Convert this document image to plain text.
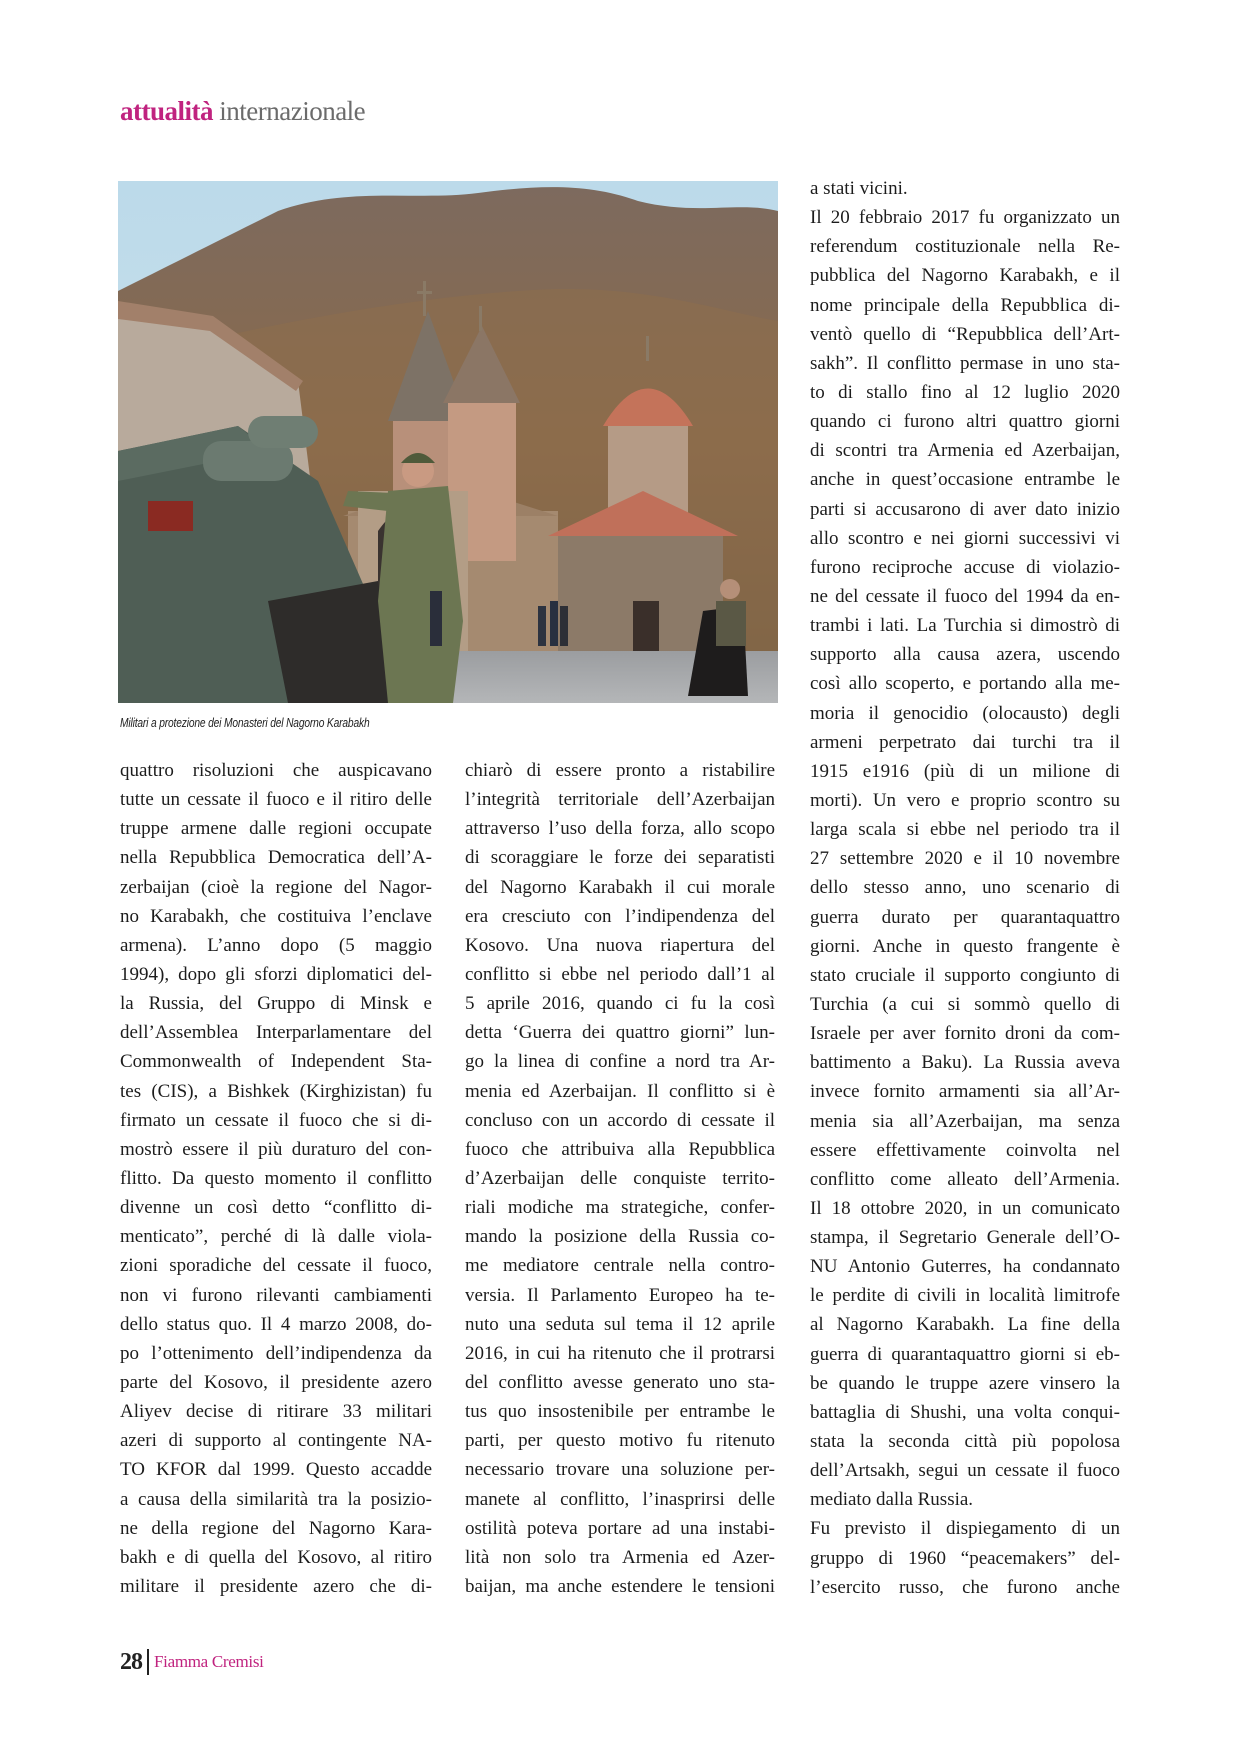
attualità internazionale
Militari a protezione dei Monasteri del Nagorno Karabakh
quattro risoluzioni che auspicavano
tutte un cessate il fuoco e il ritiro delle
truppe armene dalle regioni occupate
nella Repubblica Democratica dell’A-
zerbaijan (cioè la regione del Nagor-
no Karabakh, che costituiva l’enclave
armena). L’anno dopo (5 maggio
1994), dopo gli sforzi diplomatici del-
la Russia, del Gruppo di Minsk e
dell’Assemblea Interparlamentare del
Commonwealth of Independent Sta-
tes (CIS), a Bishkek (Kirghizistan) fu
firmato un cessate il fuoco che si di-
mostrò essere il più duraturo del con-
flitto. Da questo momento il conflitto
divenne un così detto “conflitto di-
menticato”, perché di là dalle viola-
zioni sporadiche del cessate il fuoco,
non vi furono rilevanti cambiamenti
dello status quo. Il 4 marzo 2008, do-
po l’ottenimento dell’indipendenza da
parte del Kosovo, il presidente azero
Aliyev decise di ritirare 33 militari
azeri di supporto al contingente NA-
TO KFOR dal 1999. Questo accadde
a causa della similarità tra la posizio-
ne della regione del Nagorno Kara-
bakh e di quella del Kosovo, al ritiro
militare il presidente azero che di-
chiarò di essere pronto a ristabilire
l’integrità territoriale dell’Azerbaijan
attraverso l’uso della forza, allo scopo
di scoraggiare le forze dei separatisti
del Nagorno Karabakh il cui morale
era cresciuto con l’indipendenza del
Kosovo. Una nuova riapertura del
conflitto si ebbe nel periodo dall’1 al
5 aprile 2016, quando ci fu la così
detta ‘Guerra dei quattro giorni” lun-
go la linea di confine a nord tra Ar-
menia ed Azerbaijan. Il conflitto si è
concluso con un accordo di cessate il
fuoco che attribuiva alla Repubblica
d’Azerbaijan delle conquiste territo-
riali modiche ma strategiche, confer-
mando la posizione della Russia co-
me mediatore centrale nella contro-
versia. Il Parlamento Europeo ha te-
nuto una seduta sul tema il 12 aprile
2016, in cui ha ritenuto che il protrarsi
del conflitto avesse generato uno sta-
tus quo insostenibile per entrambe le
parti, per questo motivo fu ritenuto
necessario trovare una soluzione per-
manete al conflitto, l’inasprirsi delle
ostilità poteva portare ad una instabi-
lità non solo tra Armenia ed Azer-
baijan, ma anche estendere le tensioni
a stati vicini.
Il 20 febbraio 2017 fu organizzato un
referendum costituzionale nella Re-
pubblica del Nagorno Karabakh, e il
nome principale della Repubblica di-
ventò quello di “Repubblica dell’Art-
sakh”. Il conflitto permase in uno sta-
to di stallo fino al 12 luglio 2020
quando ci furono altri quattro giorni
di scontri tra Armenia ed Azerbaijan,
anche in quest’occasione entrambe le
parti si accusarono di aver dato inizio
allo scontro e nei giorni successivi vi
furono reciproche accuse di violazio-
ne del cessate il fuoco del 1994 da en-
trambi i lati. La Turchia si dimostrò di
supporto alla causa azera, uscendo
così allo scoperto, e portando alla me-
moria il genocidio (olocausto) degli
armeni perpetrato dai turchi tra il
1915 e1916 (più di un milione di
morti). Un vero e proprio scontro su
larga scala si ebbe nel periodo tra il
27 settembre 2020 e il 10 novembre
dello stesso anno, uno scenario di
guerra durato per quarantaquattro
giorni. Anche in questo frangente è
stato cruciale il supporto congiunto di
Turchia (a cui si sommò quello di
Israele per aver fornito droni da com-
battimento a Baku). La Russia aveva
invece fornito armamenti sia all’Ar-
menia sia all’Azerbaijan, ma senza
essere effettivamente coinvolta nel
conflitto come alleato dell’Armenia.
Il 18 ottobre 2020, in un comunicato
stampa, il Segretario Generale dell’O-
NU Antonio Guterres, ha condannato
le perdite di civili in località limitrofe
al Nagorno Karabakh. La fine della
guerra di quarantaquattro giorni si eb-
be quando le truppe azere vinsero la
battaglia di Shushi, una volta conqui-
stata la seconda città più popolosa
dell’Artsakh, segui un cessate il fuoco
mediato dalla Russia.
Fu previsto il dispiegamento di un
gruppo di 1960 “peacemakers” del-
l’esercito russo, che furono anche
28 Fiamma Cremisi
